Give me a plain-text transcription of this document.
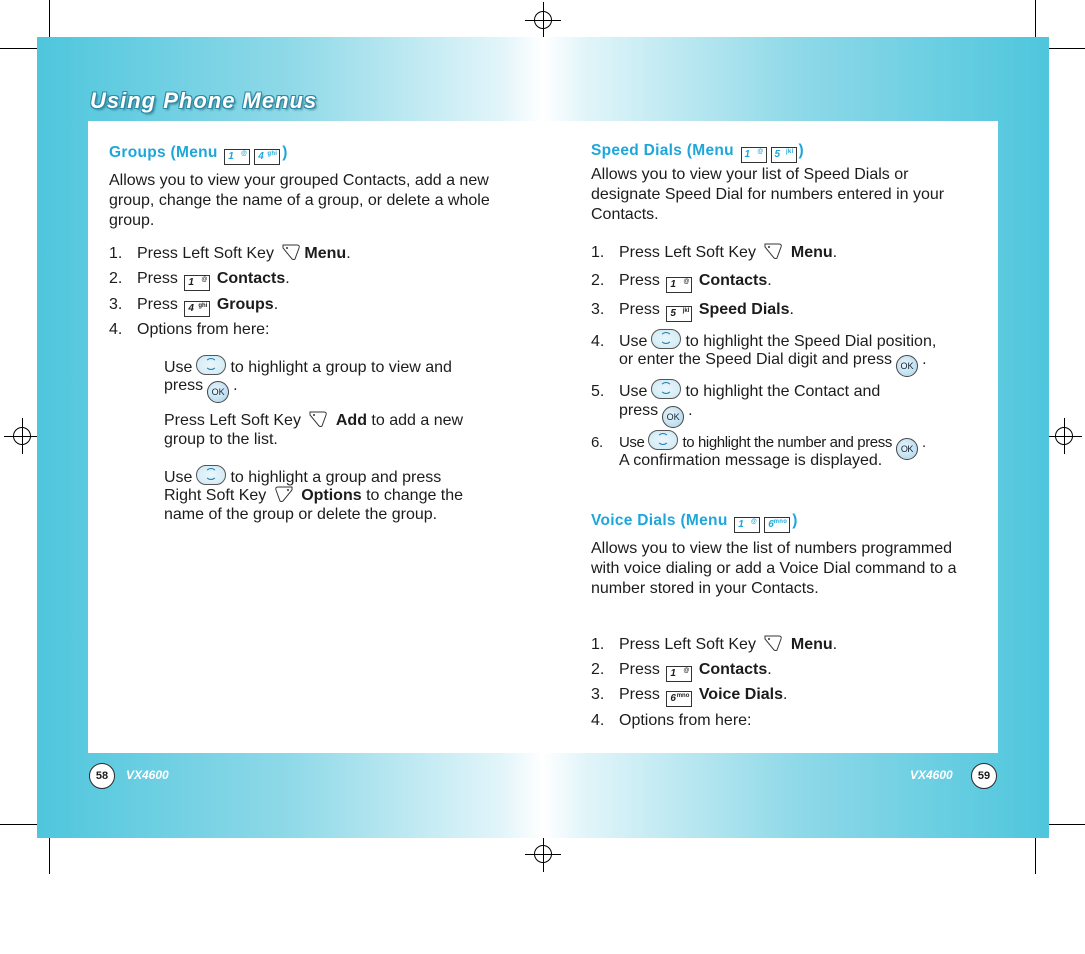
Using Phone Menus
Groups (Menu 1	@ 4 ghi )
Allows you to view your grouped Contacts, add a new group, change the name of a group, or delete a whole group.
1. Press Left Soft Key Menu.
2. Press 1	@ Contacts.
3. Press 4 ghi Groups.
4. Options from here:
Use to highlight a group to view and
press OK .
Press Left Soft Key Add to add a new
group to the list.
Use to highlight a group and press
Right Soft Key Options to change the
name of the group or delete the group.
Speed Dials (Menu 1	@ 5 jkl )
Allows you to view your list of Speed Dials or designate Speed Dial for numbers entered in your Contacts.
1. Press Left Soft Key Menu.
2. Press 1	@ Contacts.
3. Press 5	jkl Speed Dials.
4. Use to highlight the Speed Dial position,
or enter the Speed Dial digit and press OK .
5. Use to highlight the Contact and
press OK .
6. Use	to highlight the number and press OK .
A confirmation message is displayed.
Voice Dials (Menu 1	@ 6 mno )
Allows you to view the list of numbers programmed with voice dialing or add a Voice Dial command to a number stored in your Contacts.
1. Press Left Soft Key Menu.
2. Press 1	@ Contacts.
3. Press 6 mno Voice Dials.
4. Options from here:
58	VX4600	VX4600	59
